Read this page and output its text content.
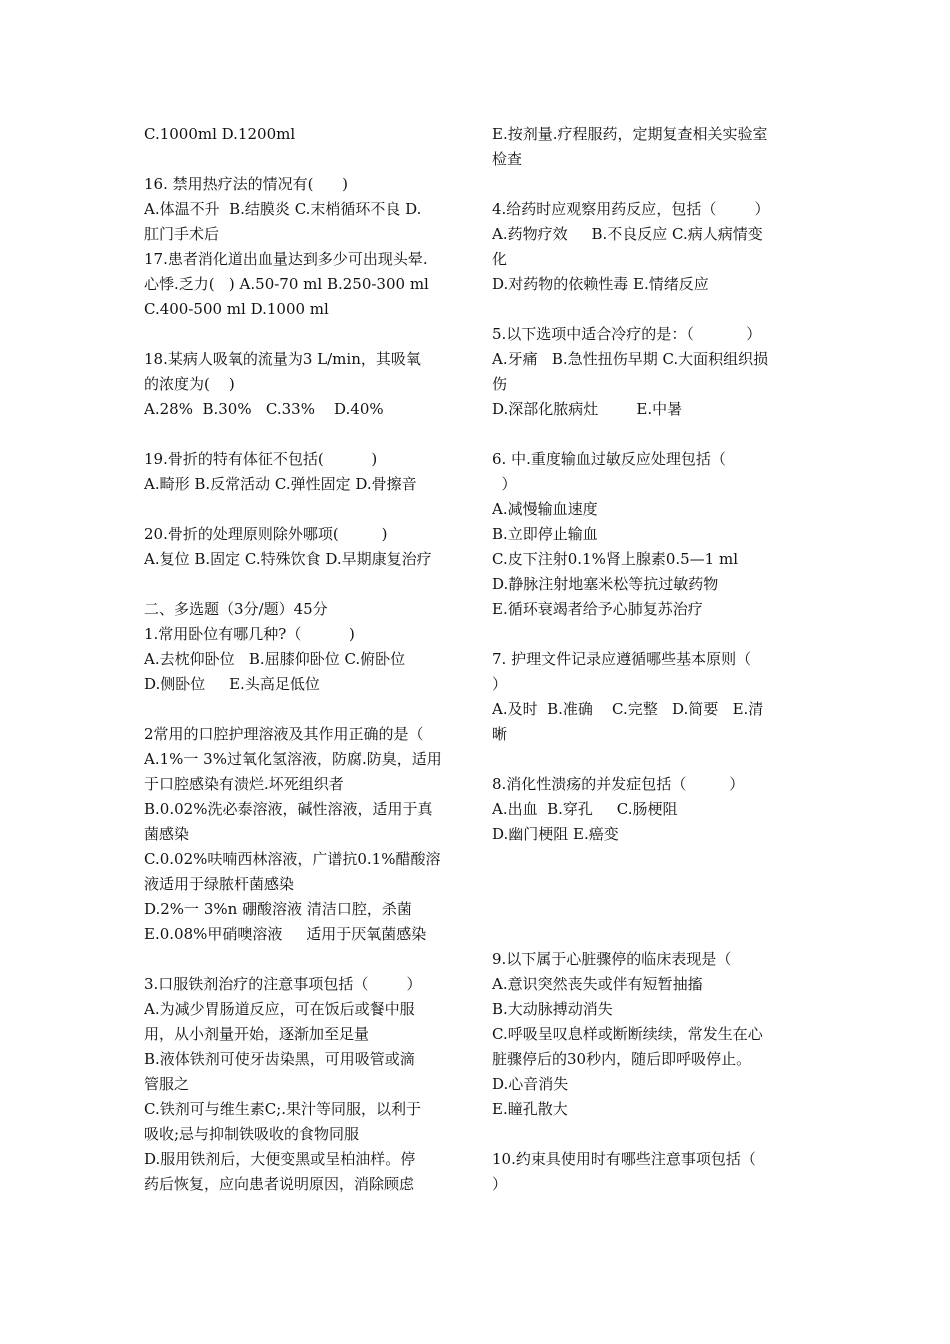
C.1000ml D.1200ml
16. 禁用热疗法的情况有(      )
A.体温不升  B.结膜炎 C.末梢循环不良 D.
肛门手术后
17.患者消化道出血量达到多少可出现头晕.
心悸.乏力(   ) A.50-70 ml B.250-300 ml
C.400-500 ml D.1000 ml
18.某病人吸氧的流量为3 L/min，其吸氧
的浓度为(    )
A.28%  B.30%   C.33%    D.40%
19.骨折的特有体征不包括(          )
A.畸形 B.反常活动 C.弹性固定 D.骨擦音
20.骨折的处理原则除外哪项(         )
A.复位 B.固定 C.特殊饮食 D.早期康复治疗
二、多选题（3分/题）45分
1.常用卧位有哪几种?（          )
A.去枕仰卧位   B.屈膝仰卧位 C.俯卧位
D.侧卧位     E.头高足低位
2常用的口腔护理溶液及其作用正确的是（
A.1%一 3%过氧化氢溶液，防腐.防臭，适用
于口腔感染有溃烂.坏死组织者
B.0.02%洗必泰溶液，碱性溶液，适用于真
菌感染
C.0.02%呋喃西林溶液，广谱抗0.1%醋酸溶
液适用于绿脓杆菌感染
D.2%一 3%n 硼酸溶液 清洁口腔，杀菌
E.0.08%甲硝噢溶液     适用于厌氧菌感染
3.口服铁剂治疗的注意事项包括（        ）
A.为减少胃肠道反应，可在饭后或餐中服
用，从小剂量开始，逐渐加至足量
B.液体铁剂可使牙齿染黑，可用吸管或滴
管服之
C.铁剂可与维生素C;.果汁等同服，以利于
吸收;忌与抑制铁吸收的食物同服
D.服用铁剂后，大便变黑或呈柏油样。停
药后恢复，应向患者说明原因，消除顾虑
E.按剂量.疗程服药，定期复查相关实验室
检查
4.给药时应观察用药反应，包括（        ）
A.药物疗效     B.不良反应 C.病人病情变
化
D.对药物的依赖性毒 E.情绪反应
5.以下选项中适合冷疗的是：（           ）
A.牙痛   B.急性扭伤早期 C.大面积组织损
伤
D.深部化脓病灶        E.中暑
6. 中.重度输血过敏反应处理包括（
）
A.减慢输血速度
B.立即停止输血
C.皮下注射0.1%肾上腺素0.5—1 ml
D.静脉注射地塞米松等抗过敏药物
E.循环衰竭者给予心肺复苏治疗
7. 护理文件记录应遵循哪些基本原则（
）
A.及时  B.准确    C.完整   D.简要   E.清
晰
8.消化性溃疡的并发症包括（         ）
A.出血  B.穿孔     C.肠梗阻
D.幽门梗阻 E.癌变
9.以下属于心脏骤停的临床表现是（
A.意识突然丧失或伴有短暂抽搐
B.大动脉搏动消失
C.呼吸呈叹息样或断断续续，常发生在心
脏骤停后的30秒内，随后即呼吸停止。
D.心音消失
E.瞳孔散大
10.约束具使用时有哪些注意事项包括（
）
